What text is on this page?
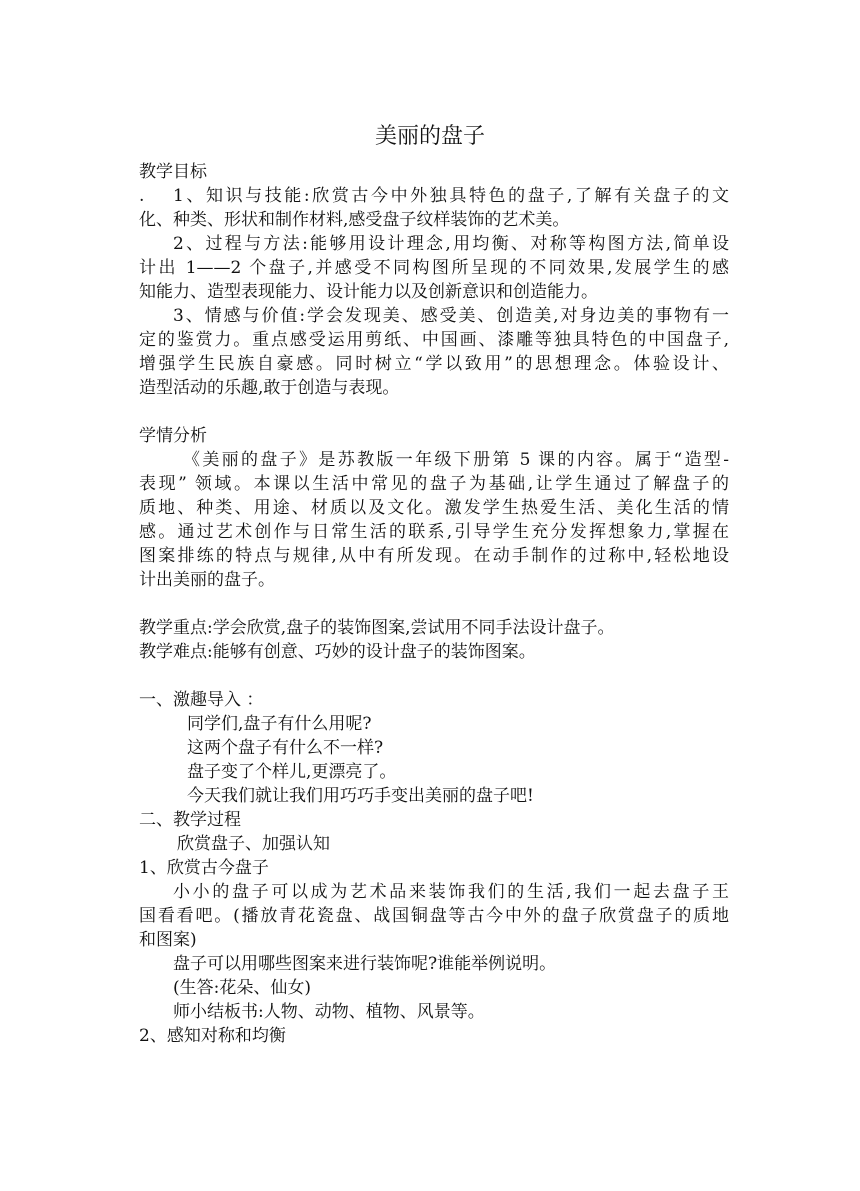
美丽的盘子
教学目标
. 1、知识与技能:欣赏古今中外独具特色的盘子,了解有关盘子的文
化、种类、形状和制作材料,感受盘子纹样装饰的艺术美。
2、过程与方法:能够用设计理念,用均衡、对称等构图方法,简单设
计出 1——2 个盘子,并感受不同构图所呈现的不同效果,发展学生的感
知能力、造型表现能力、设计能力以及创新意识和创造能力。
3、情感与价值:学会发现美、感受美、创造美,对身边美的事物有一
定的鉴赏力。重点感受运用剪纸、中国画、漆雕等独具特色的中国盘子,
增强学生民族自豪感。同时树立“学以致用”的思想理念。体验设计、
造型活动的乐趣,敢于创造与表现。
学情分析
《美丽的盘子》是苏教版一年级下册第 5 课的内容。属于“造型-
表现” 领域。本课以生活中常见的盘子为基础,让学生通过了解盘子的
质地、种类、用途、材质以及文化。激发学生热爱生活、美化生活的情
感。通过艺术创作与日常生活的联系,引导学生充分发挥想象力,掌握在
图案排练的特点与规律,从中有所发现。在动手制作的过称中,轻松地设
计出美丽的盘子。
教学重点:学会欣赏,盘子的装饰图案,尝试用不同手法设计盘子。
教学难点:能够有创意、巧妙的设计盘子的装饰图案。
一、激趣导入 ：
同学们,盘子有什么用呢?
这两个盘子有什么不一样?
盘子变了个样儿,更漂亮了。
今天我们就让我们用巧巧手变出美丽的盘子吧!
二、教学过程
欣赏盘子、加强认知
1、欣赏古今盘子
小小的盘子可以成为艺术品来装饰我们的生活,我们一起去盘子王
国看看吧。(播放青花瓷盘、战国铜盘等古今中外的盘子欣赏盘子的质地
和图案)
盘子可以用哪些图案来进行装饰呢?谁能举例说明。
(生答:花朵、仙女)
师小结板书:人物、动物、植物、风景等。
2、感知对称和均衡
